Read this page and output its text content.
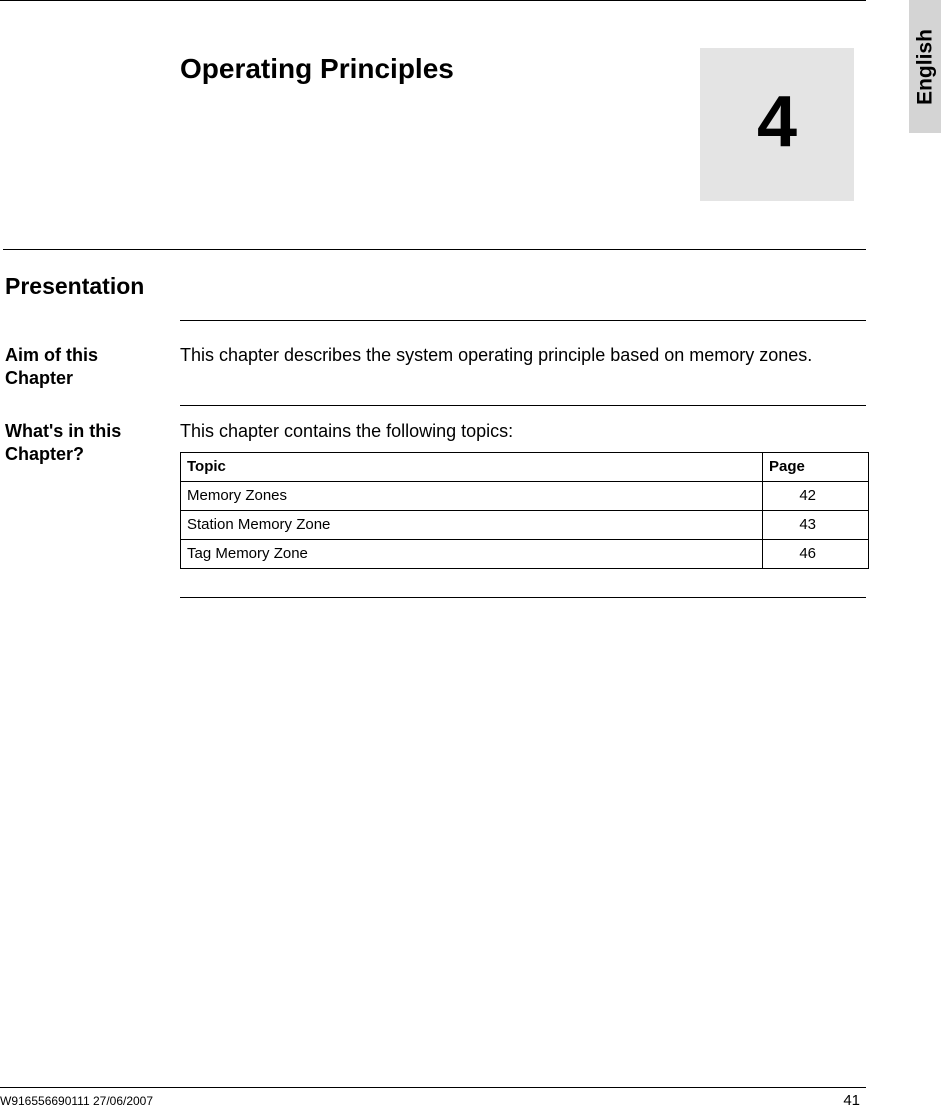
Operating Principles
4
English
Presentation
Aim of this Chapter
This chapter describes the system operating principle based on memory zones.
What's in this Chapter?
This chapter contains the following topics:
Topic	Page
Memory Zones	42
Station Memory Zone	43
Tag Memory Zone	46
W916556690111 27/06/2007	41
